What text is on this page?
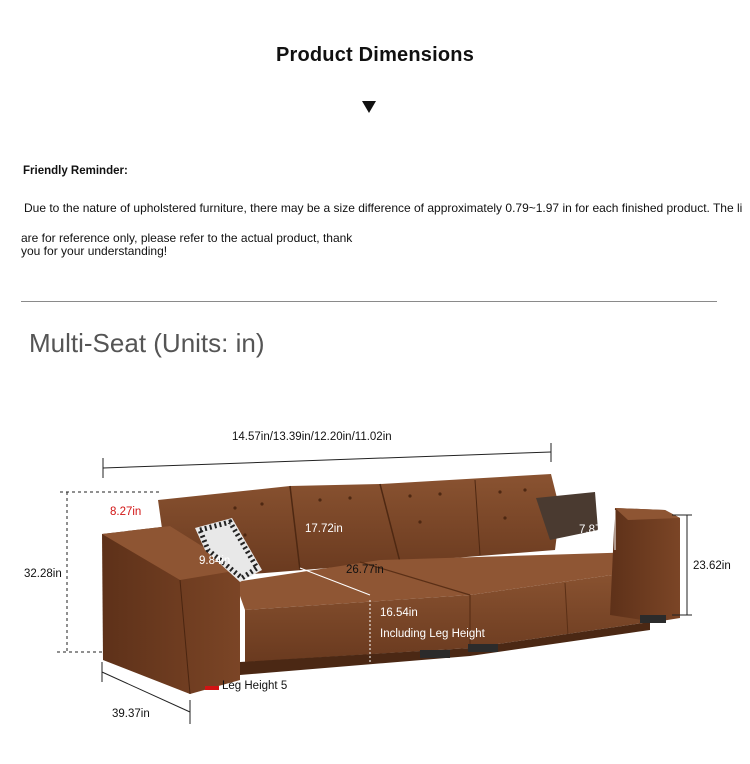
Product Dimensions
Friendly Reminder:
Due to the nature of upholstered furniture, there may be a size difference of approximately 0.79~1.97 in for each finished product. The li
are for reference only, please refer to the actual product, thank you for your understanding!
Multi-Seat (Units: in)
14.57in/13.39in/12.20in/11.02in
32.28in
8.27in
17.72in
9.84in
26.77in
16.54in
Including Leg Height
7.87in
23.62in
Leg Height 5
39.37in
